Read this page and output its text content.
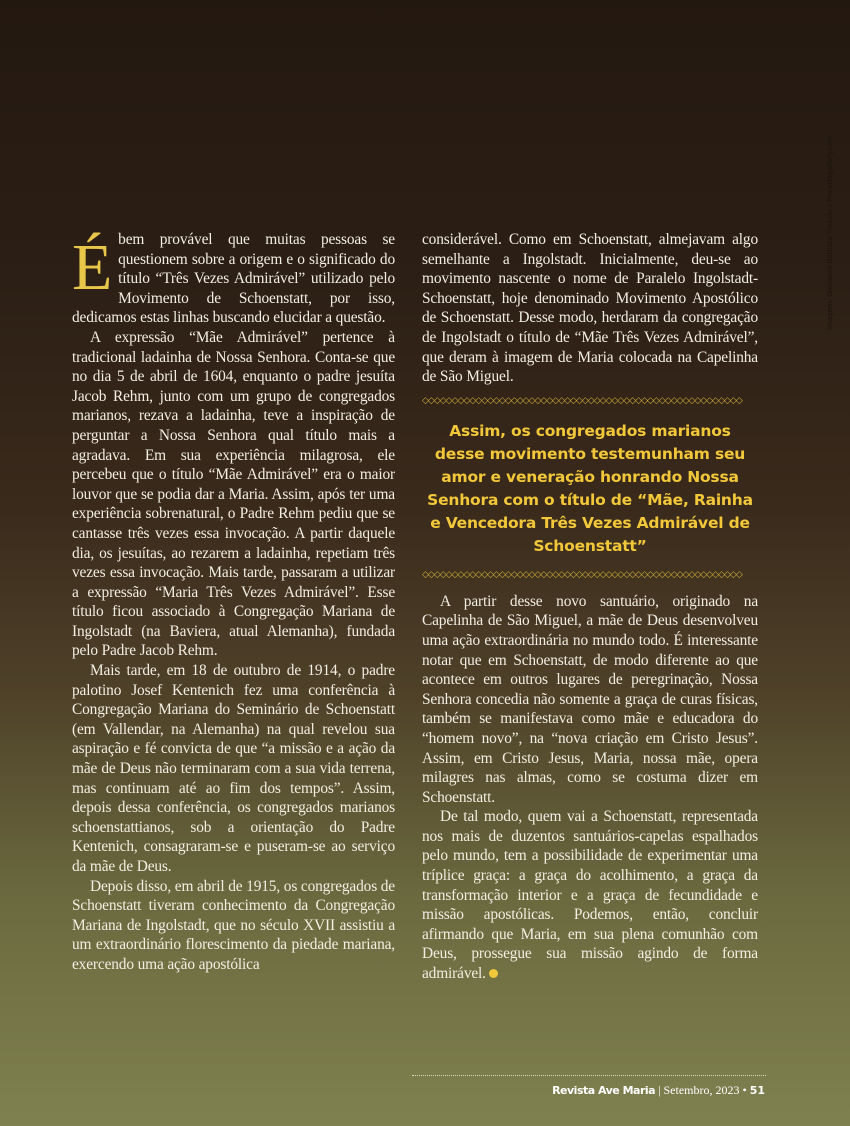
Imagem: Giovanni Battista Tiepolo / fineartsgallery.com

Ébem provável que muitas pessoas se questionem sobre a origem e o significado do título “Três Vezes Admirável” utilizado pelo Movimento de Schoenstatt, por isso, dedicamos estas linhas buscando elucidar a questão.

A expressão “Mãe Admirável” pertence à tradicional ladainha de Nossa Senhora. Conta-se que no dia 5 de abril de 1604, enquanto o padre jesuíta Jacob Rehm, junto com um grupo de congregados marianos, rezava a ladainha, teve a inspiração de perguntar a Nossa Senhora qual título mais a agradava. Em sua experiência milagrosa, ele percebeu que o título “Mãe Admirável” era o maior louvor que se podia dar a Maria. Assim, após ter uma experiência sobrenatural, o Padre Rehm pediu que se cantasse três vezes essa invocação. A partir daquele dia, os jesuítas, ao rezarem a ladainha, repetiam três vezes essa invocação. Mais tarde, passaram a utilizar a expressão “Maria Três Vezes Admirável”. Esse título ficou associado à Congregação Mariana de Ingolstadt (na Baviera, atual Alemanha), fundada pelo Padre Jacob Rehm.

Mais tarde, em 18 de outubro de 1914, o padre palotino Josef Kentenich fez uma conferência à Congregação Mariana do Seminário de Schoenstatt (em Vallendar, na Alemanha) na qual revelou sua aspiração e fé convicta de que “a missão e a ação da mãe de Deus não terminaram com a sua vida terrena, mas continuam até ao fim dos tempos”. Assim, depois dessa conferência, os congregados marianos schoenstattianos, sob a orientação do Padre Kentenich, consagraram-se e puseram-se ao serviço da mãe de Deus.

Depois disso, em abril de 1915, os congregados de Schoenstatt tiveram conhecimento da Congregação Mariana de Ingolstadt, que no século XVII assistiu a um extraordinário florescimento da piedade mariana, exercendo uma ação apostólica

considerável. Como em Schoenstatt, almejavam algo semelhante a Ingolstadt. Inicialmente, deu-se ao movimento nascente o nome de Paralelo Ingolstadt-Schoenstatt, hoje denominado Movimento Apostólico de Schoenstatt. Desse modo, herdaram da congregação de Ingolstadt o título de “Mãe Três Vezes Admirável”, que deram à imagem de Maria colocada na Capelinha de São Miguel.

◇◇◇◇◇◇◇◇◇◇◇◇◇◇◇◇◇◇◇◇◇◇◇◇◇◇◇◇◇◇◇◇◇◇◇◇◇◇◇◇◇◇◇◇◇◇◇◇◇◇◇◇◇◇
Assim, os congregados marianos desse movimento testemunham seu amor e veneração honrando Nossa Senhora com o título de “Mãe, Rainha e Vencedora Três Vezes Admirável de Schoenstatt”
◇◇◇◇◇◇◇◇◇◇◇◇◇◇◇◇◇◇◇◇◇◇◇◇◇◇◇◇◇◇◇◇◇◇◇◇◇◇◇◇◇◇◇◇◇◇◇◇◇◇◇◇◇◇

A partir desse novo santuário, originado na Capelinha de São Miguel, a mãe de Deus desenvolveu uma ação extraordinária no mundo todo. É interessante notar que em Schoenstatt, de modo diferente ao que acontece em outros lugares de peregrinação, Nossa Senhora concedia não somente a graça de curas físicas, também se manifestava como mãe e educadora do “homem novo”, na “nova criação em Cristo Jesus”. Assim, em Cristo Jesus, Maria, nossa mãe, opera milagres nas almas, como se costuma dizer em Schoenstatt.

De tal modo, quem vai a Schoenstatt, representada nos mais de duzentos santuários-capelas espalhados pelo mundo, tem a possibilidade de experimentar uma tríplice graça: a graça do acolhimento, a graça da transformação interior e a graça de fecundidade e missão apostólicas. Podemos, então, concluir afirmando que Maria, em sua plena comunhão com Deus, prossegue sua missão agindo de forma admirável.

Revista Ave Maria | Setembro, 2023 • 51
